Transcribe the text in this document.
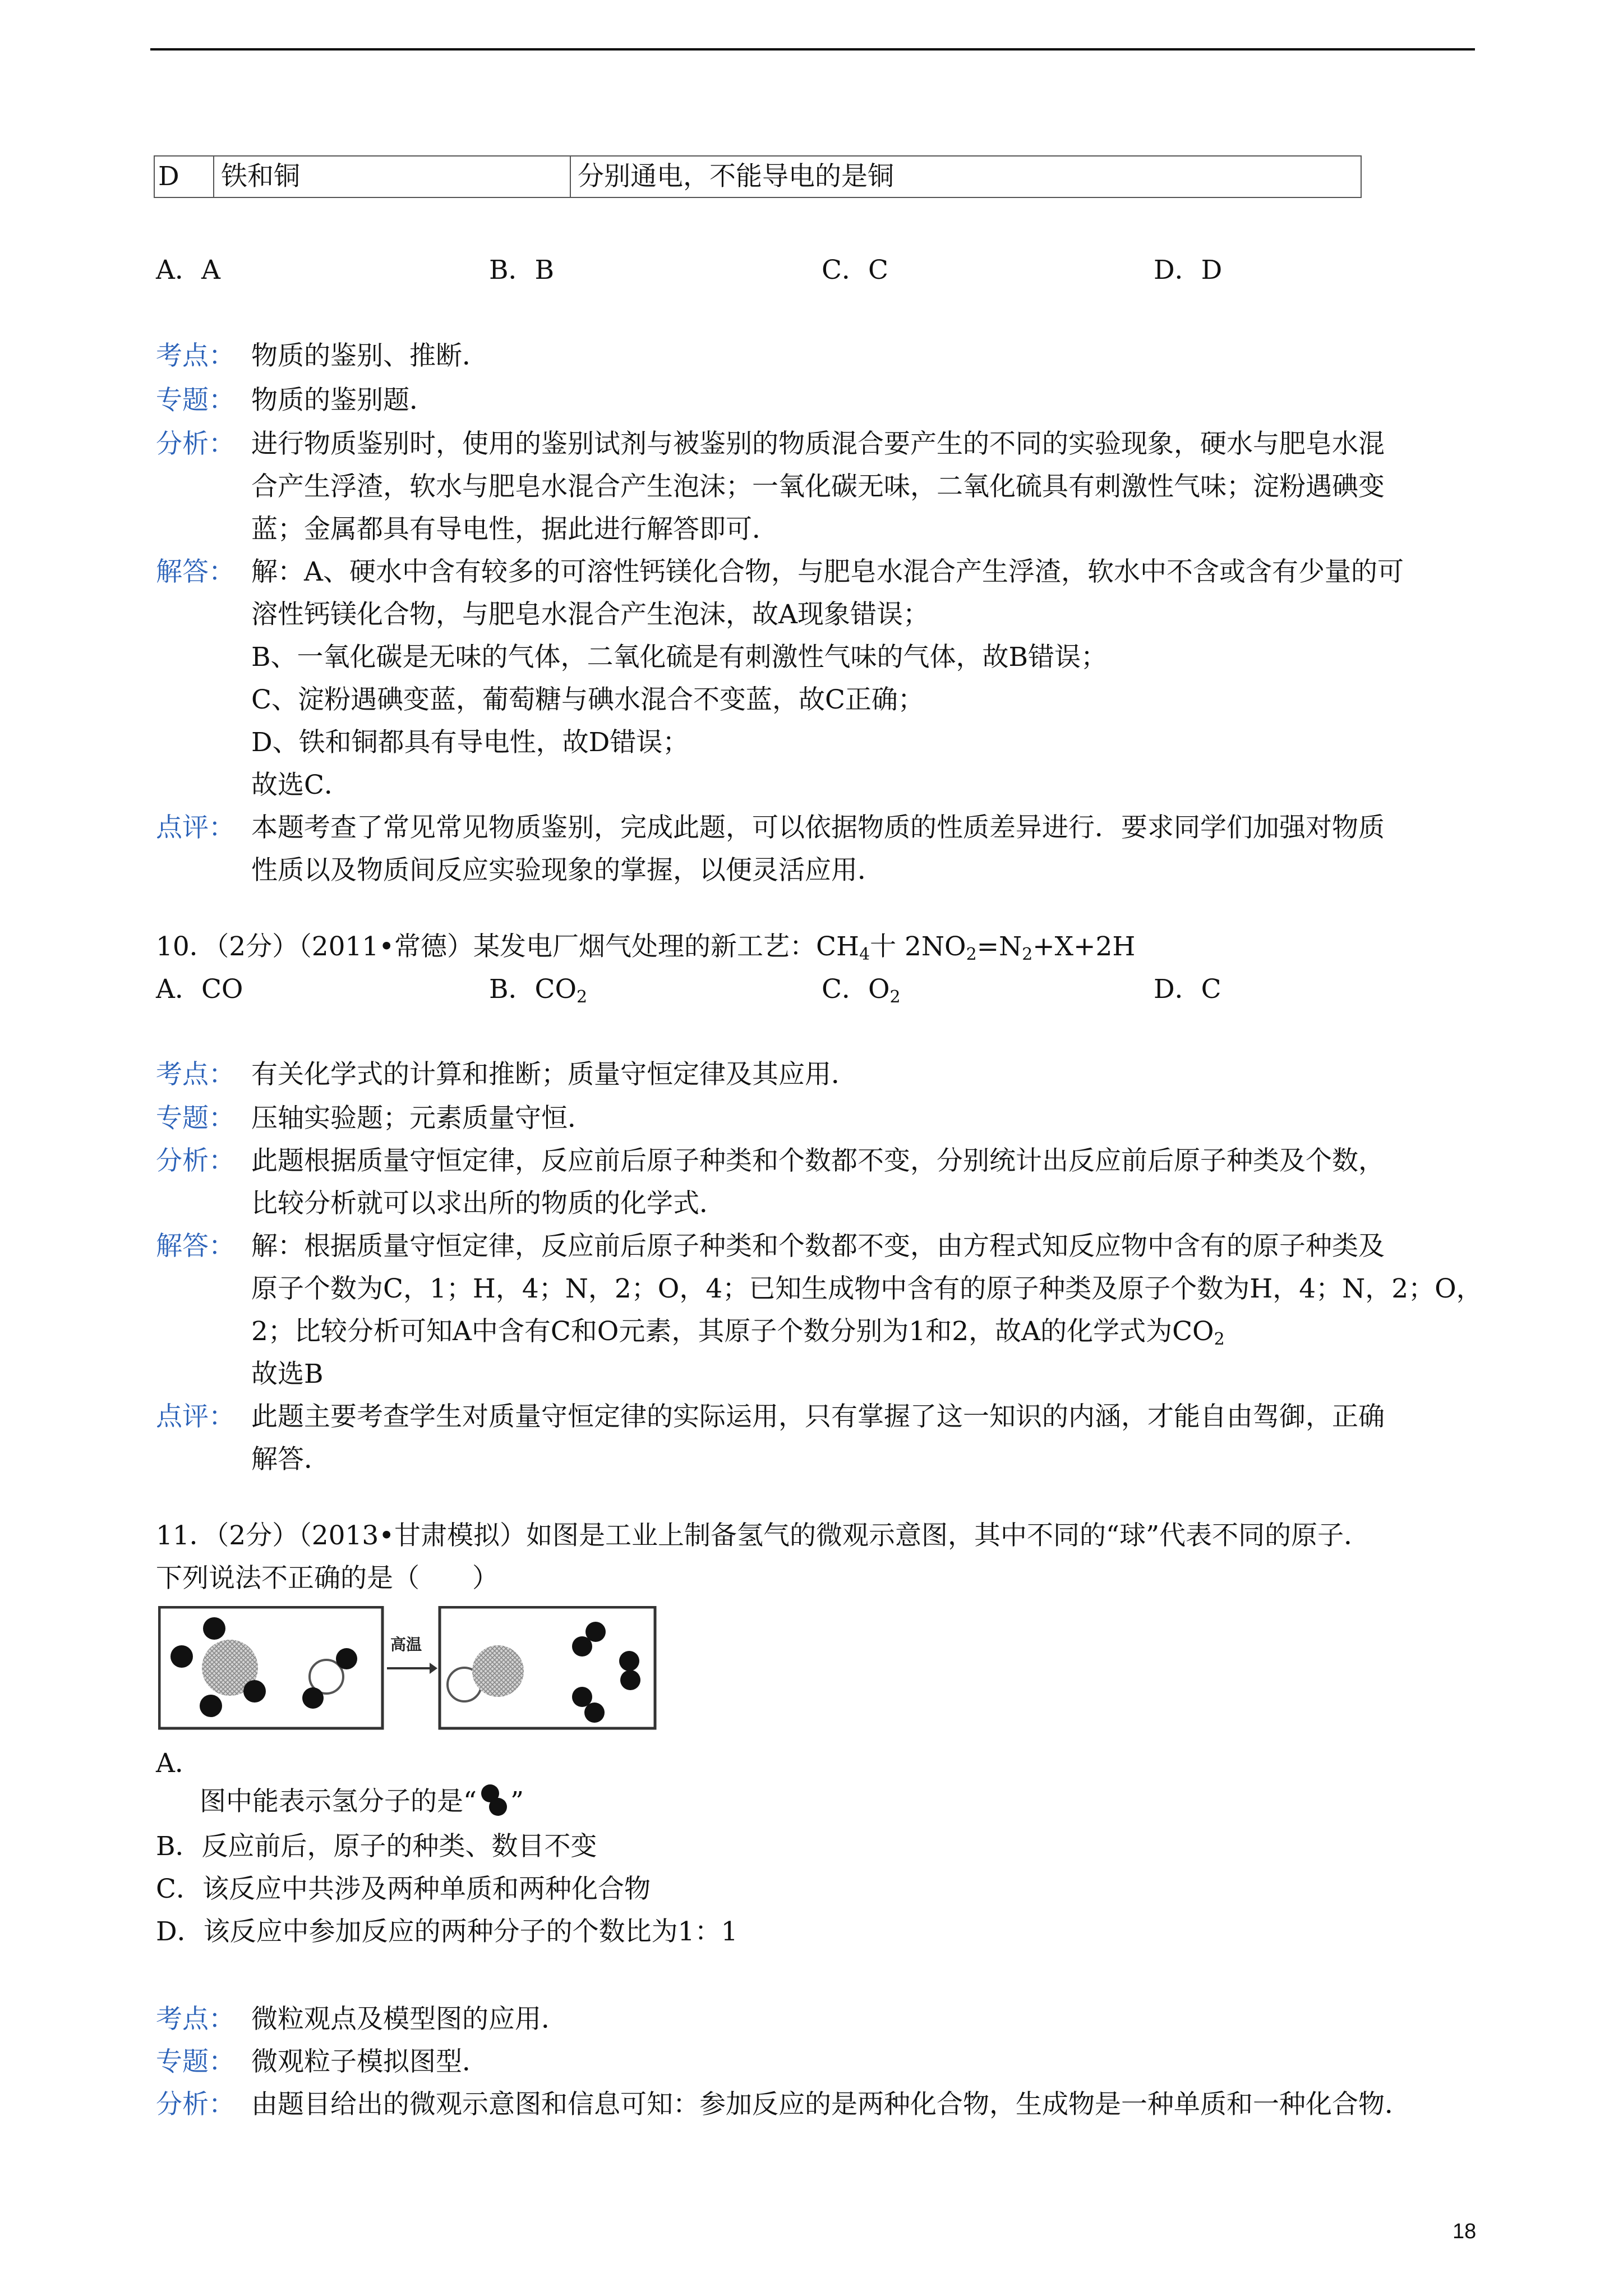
D 铁和铜	分别通电，不能导电的是铜
A．A	B．B	C．C	D．D
考点： 物质的鉴别、推断．
专题： 物质的鉴别题．
分析： 进行物质鉴别时，使用的鉴别试剂与被鉴别的物质混合要产生的不同的实验现象，硬水与肥皂水混
合产生浮渣，软水与肥皂水混合产生泡沫；一氧化碳无味，二氧化硫具有刺激性气味；淀粉遇碘变
蓝；金属都具有导电性，据此进行解答即可．
解答： 解：A、硬水中含有较多的可溶性钙镁化合物，与肥皂水混合产生浮渣，软水中不含或含有少量的可
溶性钙镁化合物，与肥皂水混合产生泡沫，故A现象错误；
B、一氧化碳是无味的气体，二氧化硫是有刺激性气味的气体，故B错误；
C、淀粉遇碘变蓝，葡萄糖与碘水混合不变蓝，故C正确；
D、铁和铜都具有导电性，故D错误；
故选C．
点评： 本题考查了常见常见物质鉴别，完成此题，可以依据物质的性质差异进行．要求同学们加强对物质
性质以及物质间反应实验现象的掌握，以便灵活应用．
10．（2分）（2011•常德）某发电厂烟气处理的新工艺：$CH_4$十 $2NO_2=N_2+X+2H$
A．CO	B．$CO_2$	C．$O_2$	D．C
考点： 有关化学式的计算和推断；质量守恒定律及其应用．
专题： 压轴实验题；元素质量守恒．
分析： 此题根据质量守恒定律，反应前后原子种类和个数都不变，分别统计出反应前后原子种类及个数，
比较分析就可以求出所的物质的化学式．
解答： 解：根据质量守恒定律，反应前后原子种类和个数都不变，由方程式知反应物中含有的原子种类及
原子个数为C，1；H，4；N，2；O，4；已知生成物中含有的原子种类及原子个数为H，4；N，2；O，
2；比较分析可知A中含有C和O元素，其原子个数分别为1和2，故A的化学式为$CO_2$
故选B
点评： 此题主要考查学生对质量守恒定律的实际运用，只有掌握了这一知识的内涵，才能自由驾御，正确
解答．
11．（2分）（2013•甘肃模拟）如图是工业上制备氢气的微观示意图，其中不同的“球”代表不同的原子．
下列说法不正确的是（　　）
高温
A．
图中能表示氢分子的是“ ”
B．反应前后，原子的种类、数目不变
C．该反应中共涉及两种单质和两种化合物
D．该反应中参加反应的两种分子的个数比为1：1
考点： 微粒观点及模型图的应用．
专题： 微观粒子模拟图型．
分析： 由题目给出的微观示意图和信息可知：参加反应的是两种化合物，生成物是一种单质和一种化合物．
18
